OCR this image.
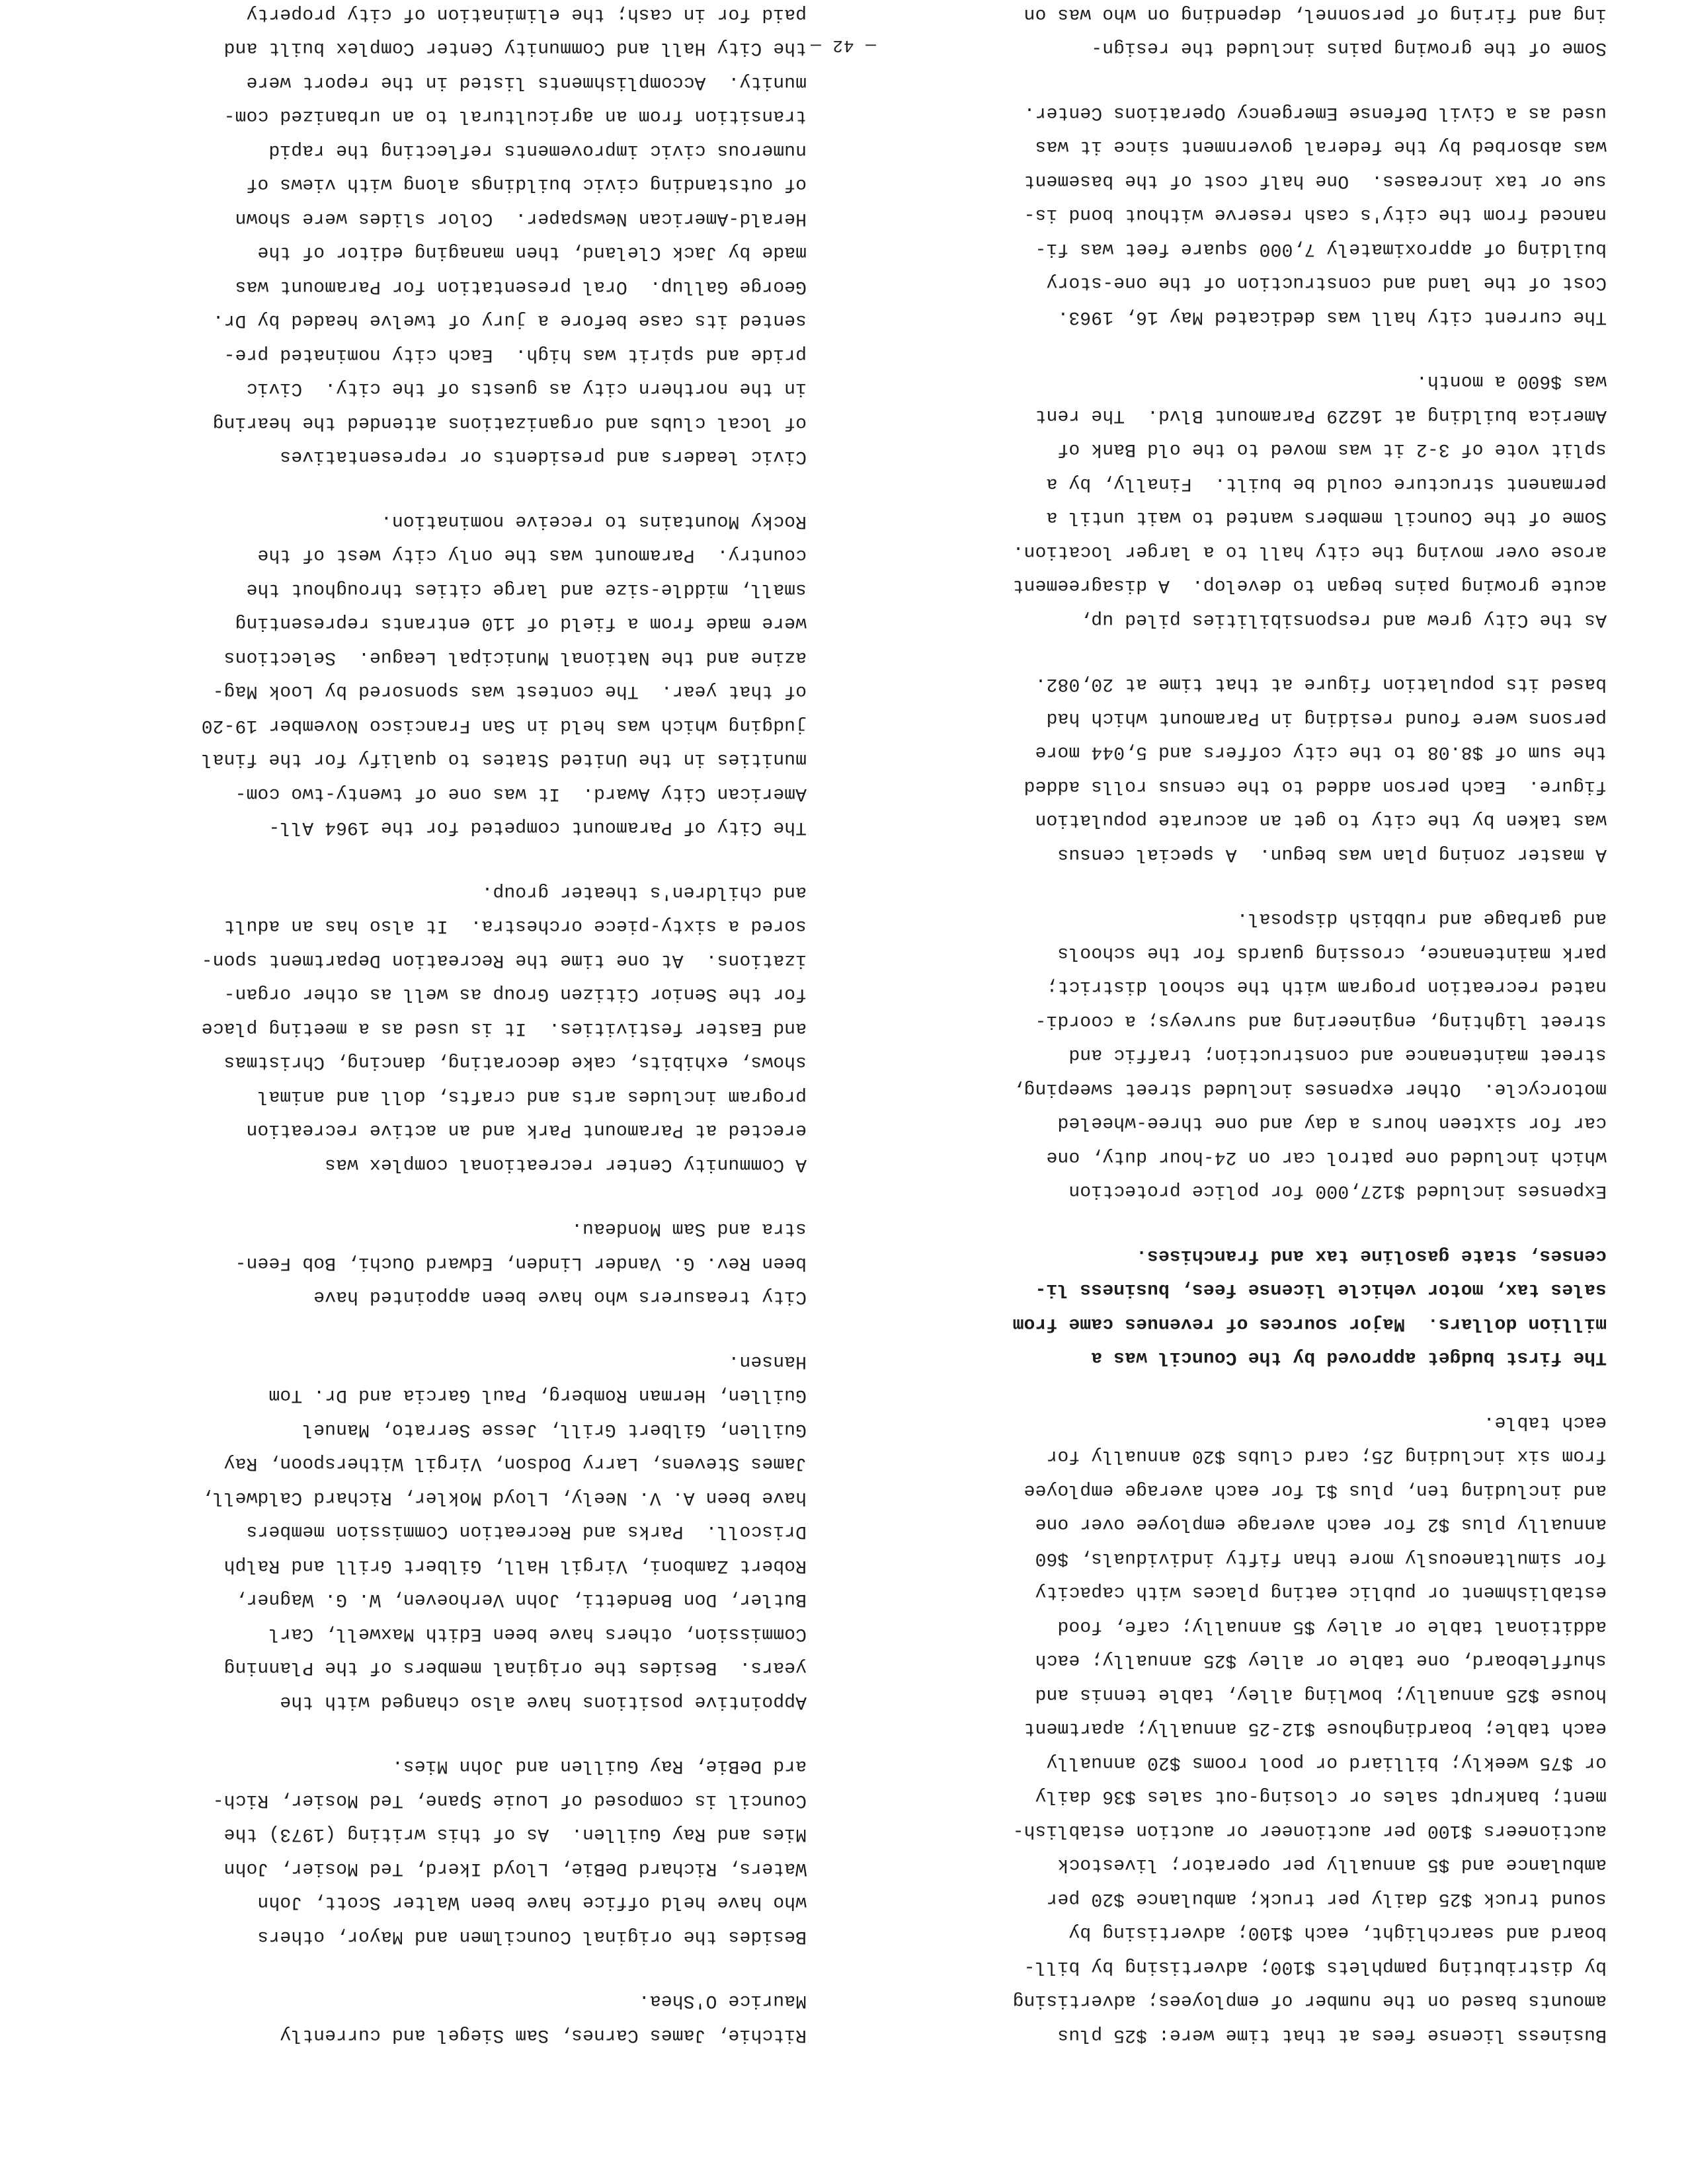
Business license fees at that time were: $25 plus
amounts based on the number of employees; advertising
by distributing pamphlets $100; advertising by bill-
board and searchlight, each $100; advertising by
sound truck $25 daily per truck; ambulance $20 per
ambulance and $5 annually per operator; livestock
auctioneers $100 per auctioneer or auction establish-
ment; bankrupt sales or closing-out sales $36 daily
or $75 weekly; billiard or pool rooms $20 annually
each table; boardinghouse $12-25 annually; apartment
house $25 annually; bowling alley, table tennis and
shuffleboard, one table or alley $25 annually; each
additional table or alley $5 annually; cafe, food
establishment or public eating places with capacity
for simultaneously more than fifty individuals, $60
annually plus $2 for each average employee over one
and including ten, plus $1 for each average employee
from six including 25; card clubs $20 annually for
each table.
The first budget approved by the Council was a
million dollars.  Major sources of revenues came from
sales tax, motor vehicle license fees, business li-
censes, state gasoline tax and franchises.
Expenses included $127,000 for police protection
which included one patrol car on 24-hour duty, one
car for sixteen hours a day and one three-wheeled
motorcycle.  Other expenses included street sweeping,
street maintenance and construction; traffic and
street lighting, engineering and surveys; a coordi-
nated recreation program with the school district;
park maintenance, crossing guards for the schools
and garbage and rubbish disposal.
A master zoning plan was begun.  A special census
was taken by the city to get an accurate population
figure.  Each person added to the census rolls added
the sum of $8.08 to the city coffers and 5,044 more
persons were found residing in Paramount which had
based its population figure at that time at 20,082.
As the City grew and responsibilities piled up,
acute growing pains began to develop.  A disagreement
arose over moving the city hall to a larger location.
Some of the Council members wanted to wait until a
permanent structure could be built.  Finally, by a
split vote of 3-2 it was moved to the old Bank of
America building at 16229 Paramount Blvd.  The rent
was $600 a month.
The current city hall was dedicated May 16, 1963.
Cost of the land and construction of the one-story
building of approximately 7,000 square feet was fi-
nanced from the city's cash reserve without bond is-
sue or tax increases.  One half cost of the basement
was absorbed by the federal government since it was
used as a Civil Defense Emergency Operations Center.
Some of the growing pains included the resign-
ing and firing of personnel, depending on who was on

Ritchie, James Carnes, Sam Siegel and currently
Maurice O'Shea.
Besides the original Councilmen and Mayor, others
who have held office have been Walter Scott, John
Waters, Richard DeBie, Lloyd Ikerd, Ted Mosier, John
Mies and Ray Guillen.  As of this writing (1973) the
Council is composed of Louie Spane, Ted Mosier, Rich-
ard DeBie, Ray Guillen and John Mies.
Appointive positions have also changed with the
years.  Besides the original members of the Planning
Commission, others have been Edith Maxwell, Carl
Butler, Don Bendetti, John Verhoeven, W. G. Wagner,
Robert Zamboni, Virgil Hall, Gilbert Grill and Ralph
Driscoll.  Parks and Recreation Commission members
have been A. V. Neely, Lloyd Mokler, Richard Caldwell,
James Stevens, Larry Dodson, Virgil Witherspoon, Ray
Guillen, Gilbert Grill, Jesse Serrato, Manuel
Guillen, Herman Romberg, Paul Garcia and Dr. Tom
Hansen.
City treasurers who have been appointed have
been Rev. G. Vander Linden, Edward Ouchi, Bob Feen-
stra and Sam Mondeau.
A Community Center recreational complex was
erected at Paramount Park and an active recreation
program includes arts and crafts, doll and animal
shows, exhibits, cake decorating, dancing, Christmas
and Easter festivities.  It is used as a meeting place
for the Senior Citizen Group as well as other organ-
izations.  At one time the Recreation Department spon-
sored a sixty-piece orchestra.  It also has an adult
and children's theater group.
The City of Paramount competed for the 1964 All-
American City Award.  It was one of twenty-two com-
munities in the United States to qualify for the final
judging which was held in San Francisco November 19-20
of that year.  The contest was sponsored by Look Mag-
azine and the National Municipal League.  Selections
were made from a field of 110 entrants representing
small, middle-size and large cities throughout the
country.  Paramount was the only city west of the
Rocky Mountains to receive nomination.
Civic leaders and presidents or representatives
of local clubs and organizations attended the hearing
in the northern city as guests of the city.  Civic
pride and spirit was high.  Each city nominated pre-
sented its case before a jury of twelve headed by Dr.
George Gallup.  Oral presentation for Paramount was
made by Jack Cleland, then managing editor of the
Herald-American Newspaper.  Color slides were shown
of outstanding civic buildings along with views of
numerous civic improvements reflecting the rapid
transition from an agricultural to an urbanized com-
munity.  Accomplishments listed in the report were
the City Hall and Community Center Complex built and
paid for in cash; the elimination of city property

— 42 —
